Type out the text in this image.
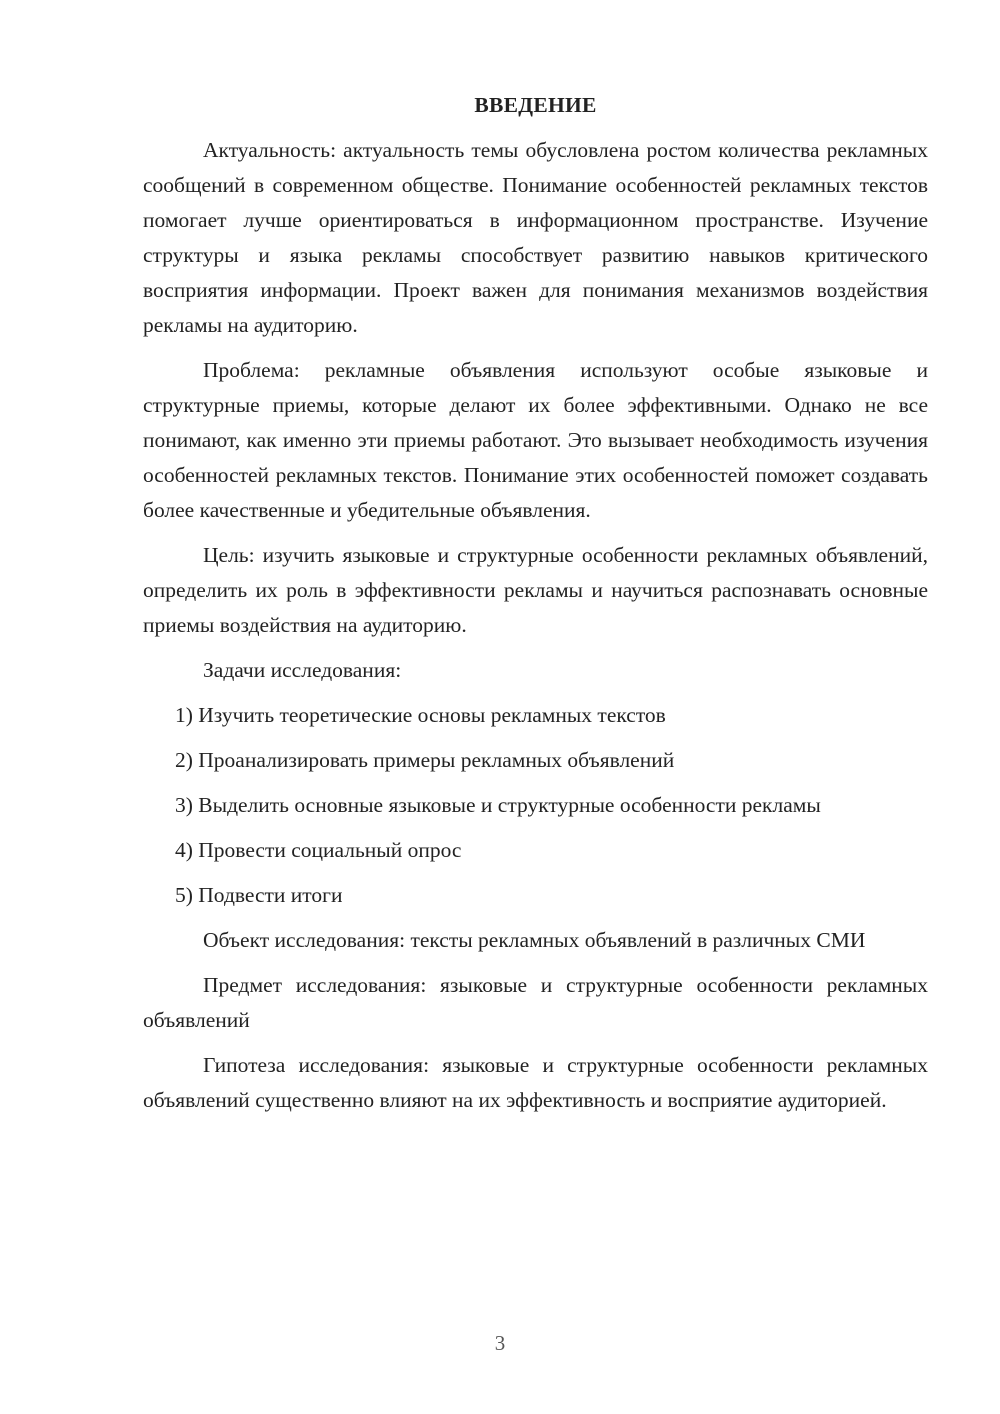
ВВЕДЕНИЕ

Актуальность: актуальность темы обусловлена ростом количества рекламных сообщений в современном обществе. Понимание особенностей рекламных текстов помогает лучше ориентироваться в информационном пространстве. Изучение структуры и языка рекламы способствует развитию навыков критического восприятия информации. Проект важен для понимания механизмов воздействия рекламы на аудиторию.

Проблема: рекламные объявления используют особые языковые и структурные приемы, которые делают их более эффективными. Однако не все понимают, как именно эти приемы работают. Это вызывает необходимость изучения особенностей рекламных текстов. Понимание этих особенностей поможет создавать более качественные и убедительные объявления.

Цель: изучить языковые и структурные особенности рекламных объявлений, определить их роль в эффективности рекламы и научиться распознавать основные приемы воздействия на аудиторию.

Задачи исследования:

1) Изучить теоретические основы рекламных текстов
2) Проанализировать примеры рекламных объявлений
3) Выделить основные языковые и структурные особенности рекламы
4) Провести социальный опрос
5) Подвести итоги

Объект исследования: тексты рекламных объявлений в различных СМИ

Предмет исследования: языковые и структурные особенности рекламных объявлений

Гипотеза исследования: языковые и структурные особенности рекламных объявлений существенно влияют на их эффективность и восприятие аудиторией.

3
